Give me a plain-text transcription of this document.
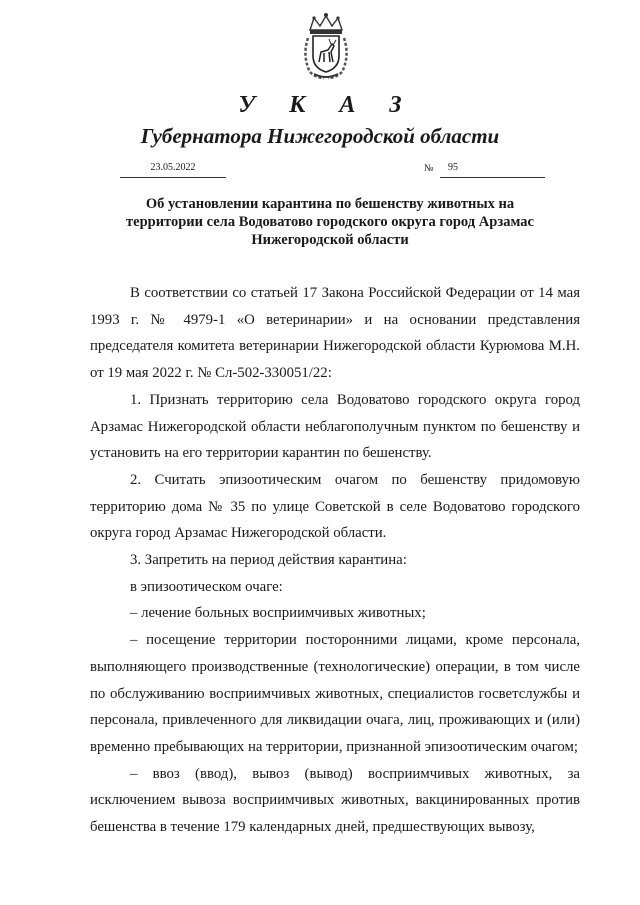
У К А З
Губернатора Нижегородской области
23.05.2022	№	95
Об установлении карантина по бешенству животных на территории села Водоватово городского округа город Арзамас Нижегородской области

В соответствии со статьей 17 Закона Российской Федерации от 14 мая 1993 г. № 4979-1 «О ветеринарии» и на основании представления председателя комитета ветеринарии Нижегородской области Курюмова М.Н. от 19 мая 2022 г. № Сл-502-330051/22:

1. Признать территорию села Водоватово городского округа город Арзамас Нижегородской области неблагополучным пунктом по бешенству и установить на его территории карантин по бешенству.

2. Считать эпизоотическим очагом по бешенству придомовую территорию дома № 35 по улице Советской в селе Водоватово городского округа город Арзамас Нижегородской области.

3. Запретить на период действия карантина:

в эпизоотическом очаге:

– лечение больных восприимчивых животных;

– посещение территории посторонними лицами, кроме персонала, выполняющего производственные (технологические) операции, в том числе по обслуживанию восприимчивых животных, специалистов госветслужбы и персонала, привлеченного для ликвидации очага, лиц, проживающих и (или) временно пребывающих на территории, признанной эпизоотическим очагом;

– ввоз (ввод), вывоз (вывод) восприимчивых животных, за исключением вывоза восприимчивых животных, вакцинированных против бешенства в течение 179 календарных дней, предшествующих вывозу,
